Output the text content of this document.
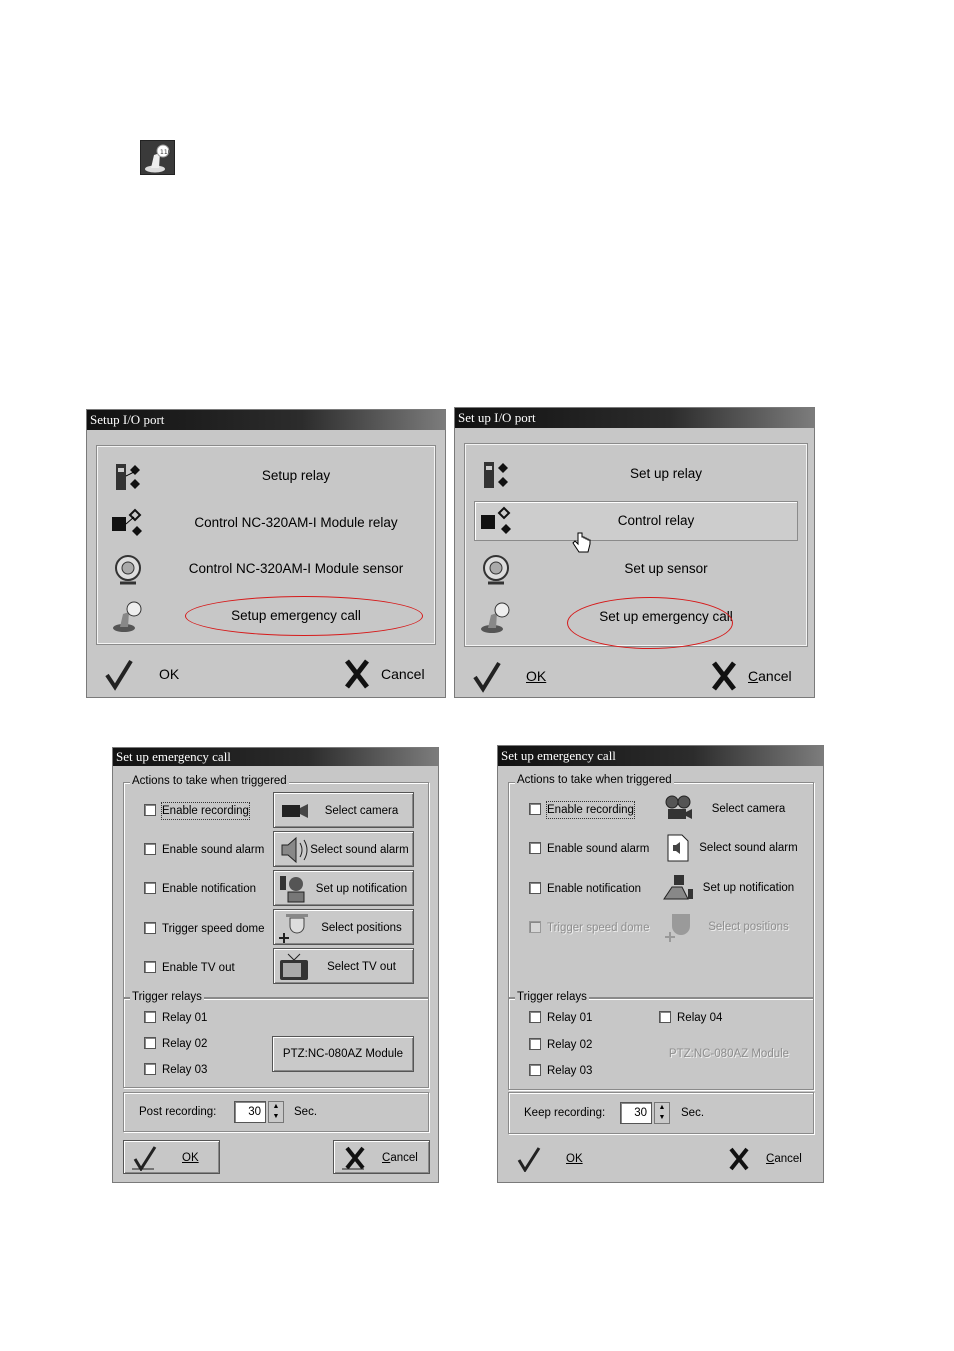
110
Setup I/O port
Setup relay
Control NC-320AM-I Module relay
Control NC-320AM-I Module sensor
Setup emergency call
OK	Cancel
Set up I/O port
Set up relay
Control relay
Set up sensor
Set up emergency call
OK	Cancel
Set up emergency call
Actions to take when triggered
Enable recording
Enable sound alarm
Enable notification
Trigger speed dome
Enable TV out
Select camera
Select sound alarm
Set up notification
Select positions
Select TV out
Trigger relays
Relay 01
Relay 02
Relay 03
PTZ:NC-080AZ Module
Post recording:	30	▲
▼	Sec.
OK	Cancel
Set up emergency call
Actions to take when triggered
Enable recording
Enable sound alarm
Enable notification
Trigger speed dome
Select camera
Select sound alarm
Set up notification
Select positions
Trigger relays
Relay 01
Relay 02
Relay 03
Relay 04
PTZ:NC-080AZ Module
Keep recording:	30	▲
▼	Sec.
OK	Cancel
